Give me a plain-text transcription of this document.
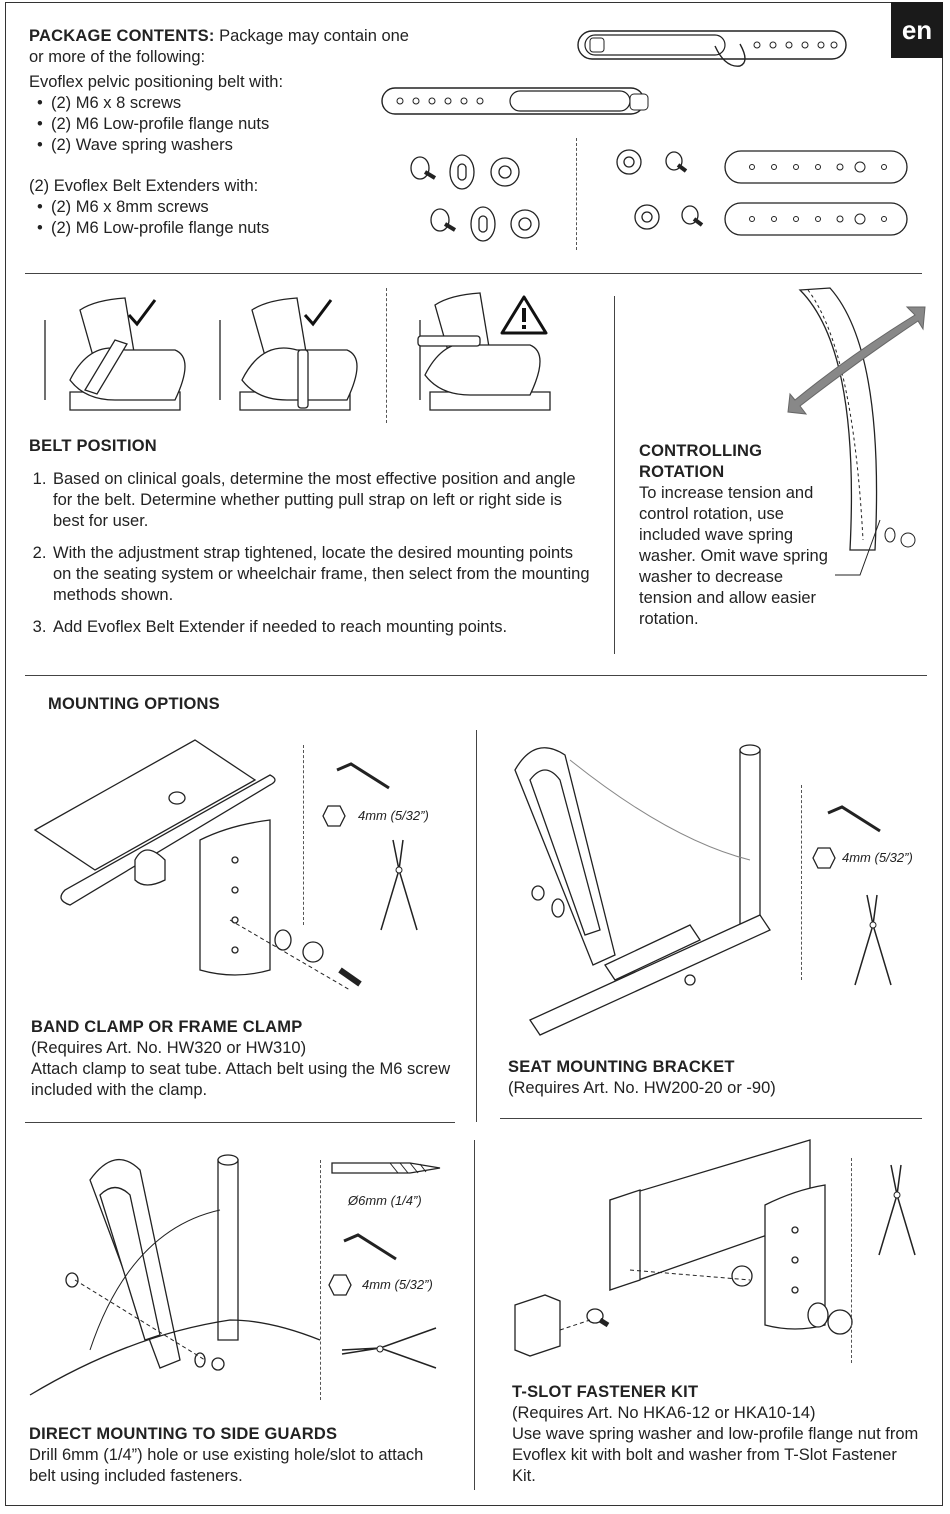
en
PACKAGE CONTENTS: Package may contain one
or more of the following:
Evoflex pelvic positioning belt with:
• (2) M6 x 8 screws
• (2) M6 Low-profile flange nuts
• (2) Wave spring washers
(2) Evoflex Belt Extenders with:
• (2) M6 x 8mm screws
• (2) M6 Low-profile flange nuts
BELT POSITION
1. Based on clinical goals, determine the most effective position and angle for the belt. Determine whether putting pull strap on left or right side is best for user.
2. With the adjustment strap tightened, locate the desired mounting points on the seating system or wheelchair frame, then select from the mounting methods shown.
3. Add Evoflex Belt Extender if needed to reach mounting points.
CONTROLLING
ROTATION
To increase tension and control rotation, use included wave spring washer. Omit wave spring washer to decrease tension and allow easier rotation.
MOUNTING OPTIONS
4mm (5/32”)
BAND CLAMP OR FRAME CLAMP
(Requires Art. No. HW320 or HW310)
Attach clamp to seat tube. Attach belt using the M6 screw included with the clamp.
4mm (5/32”)
SEAT MOUNTING BRACKET
(Requires Art. No. HW200-20 or -90)
Ø6mm (1/4”)
4mm (5/32”)
DIRECT MOUNTING TO SIDE GUARDS
Drill 6mm (1/4”) hole or use existing hole/slot to attach belt using included fasteners.
T-SLOT FASTENER KIT
(Requires Art. No HKA6-12 or HKA10-14)
Use wave spring washer and low-profile flange nut from Evoflex kit with bolt and washer from T-Slot Fastener Kit.
